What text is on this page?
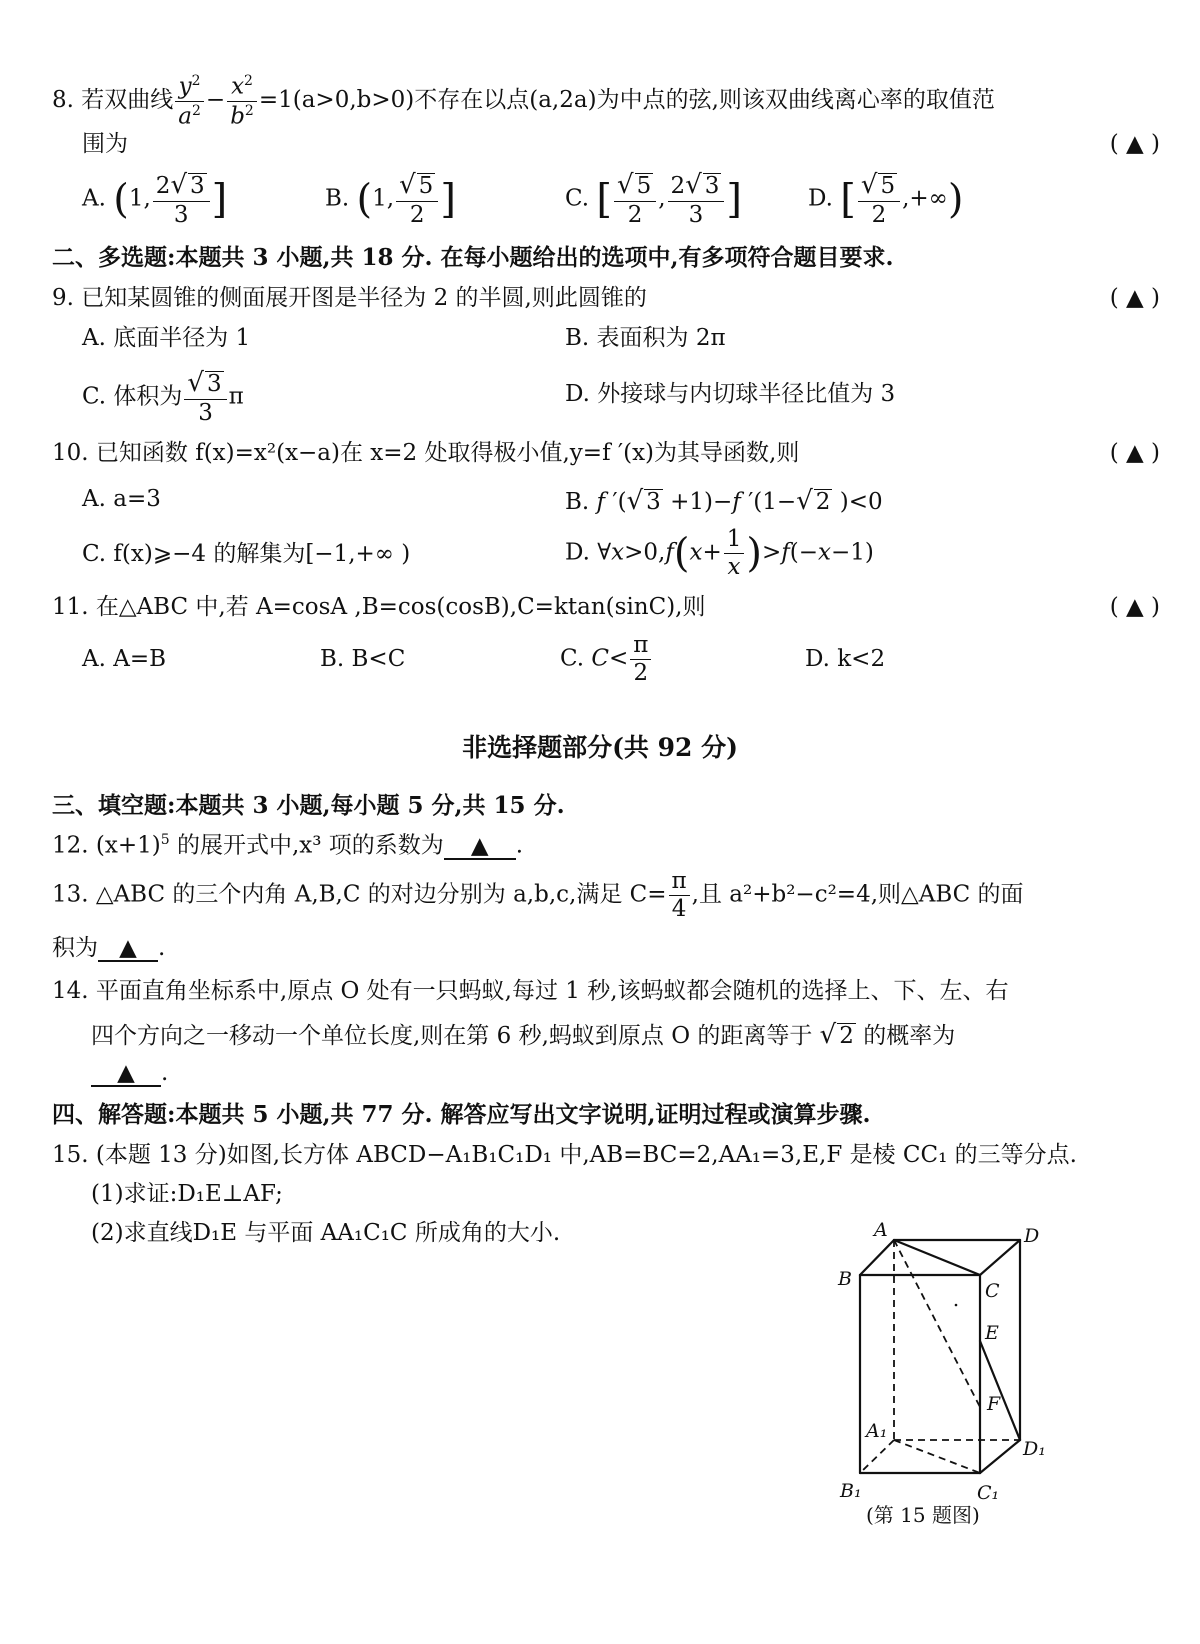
8. 若双曲线 $\frac{y^2}{a^2} - \frac{x^2}{b^2} =1(a>0,b>0)$不存在以点(a,2a)为中点的弦,则该双曲线离心率的取值范
围为	( ▲ )
A. (1, $\frac{2√ 3}{3}$ ]	B. (1, $\frac{√ 5}{2}$ ]	C. [ $\frac{√ 5}{2}$ , $\frac{2√ 3}{3}$ ]	D. [ $\frac{√ 5}{2}$ ,+∞)
二、多选题:本题共 3 小题,共 18 分. 在每小题给出的选项中,有多项符合题目要求.
9. 已知某圆锥的侧面展开图是半径为 2 的半圆,则此圆锥的	( ▲ )
A. 底面半径为 1	B. 表面积为 2π
C. 体积为 $\frac{√ 3}{3}$ π	D. 外接球与内切球半径比值为 3
10. 已知函数 f(x)=x²(x−a)在 x=2 处取得极小值,y=f ′(x)为其导函数,则	( ▲ )
A. a=3	B. f ′(√ 3 +1)−f ′(1−√ 2 )<0
C. f(x)⩾−4 的解集为[−1,+∞ )	D. ∀x>0,f(x+ $\frac{1}{x} )>f(-x-1)$
11. 在△ABC 中,若 A=cosA ,B=cos(cosB),C=ktan(sinC),则	( ▲ )
A. A=B	B. B<C	C. $C< \frac{\pi}{2}$	D. k<2
非选择题部分(共 92 分)
三、填空题:本题共 3 小题,每小题 5 分,共 15 分.
12. $(x+1)^5$ 的展开式中,x³ 项的系数为 ▲ .
13. △ABC 的三个内角 A,B,C 的对边分别为 a,b,c,满足 $C= \frac{\pi}{4}$ ,且 a²+b²−c²=4,则△ABC 的面
积为 ▲ .
14. 平面直角坐标系中,原点 O 处有一只蚂蚁,每过 1 秒,该蚂蚁都会随机的选择上、下、左、右
四个方向之一移动一个单位长度,则在第 6 秒,蚂蚁到原点 O 的距离等于 √ 2 的概率为
▲ .
四、解答题:本题共 5 小题,共 77 分. 解答应写出文字说明,证明过程或演算步骤.
15. (本题 13 分)如图,长方体 ABCD−A₁B₁C₁D₁ 中,AB=BC=2,AA₁=3,E,F 是棱 CC₁ 的三等分点.
(1)求证:D₁E⊥AF;
(2)求直线D₁E 与平面 AA₁C₁C 所成角的大小.	A	D
B
C
E
F
A₁
D₁
B₁	C₁
(第 15 题图)
